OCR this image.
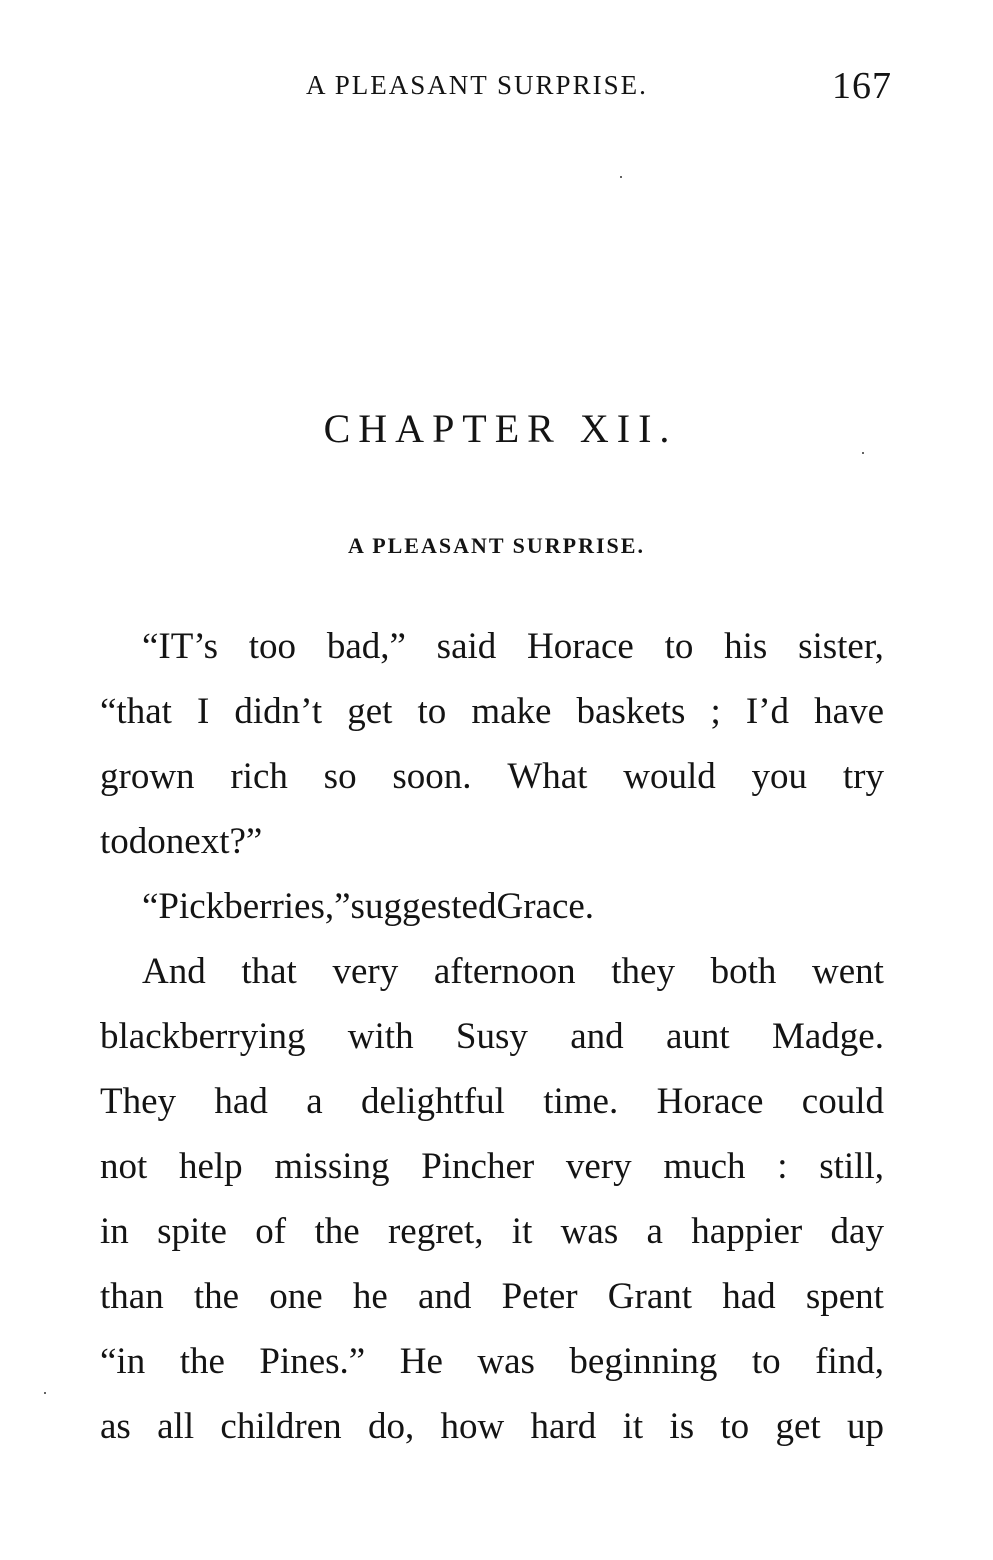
A PLEASANT SURPRISE.	167
CHAPTER XII.
A PLEASANT SURPRISE.
“IT’s too bad,” said Horace to his sister,
“that I didn’t get to make baskets ; I’d have
grown rich so soon. What would you try
to do next ? ”
“Pick berries,” suggested Grace.
And that very afternoon they both went
blackberrying with Susy and aunt Madge.
They had a delightful time. Horace could
not help missing Pincher very much : still,
in spite of the regret, it was a happier day
than the one he and Peter Grant had spent
“in the Pines.” He was beginning to find,
as all children do, how hard it is to get up
